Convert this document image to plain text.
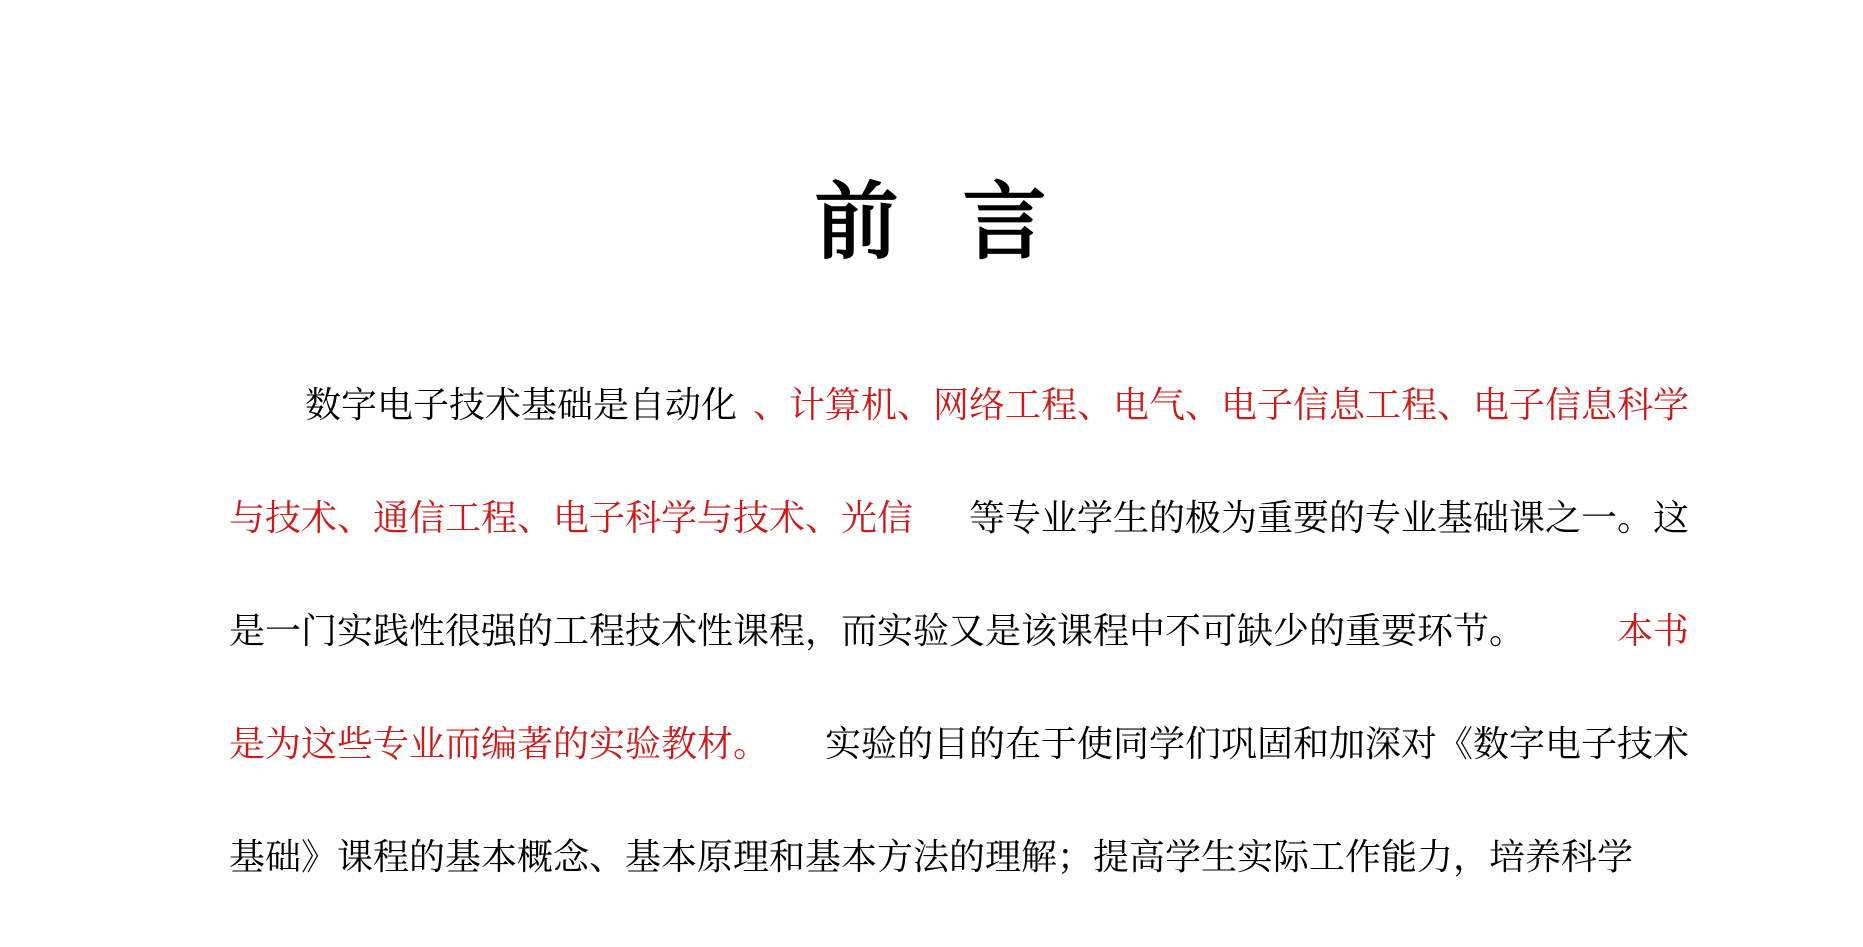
前 言
数字电子技术基础是自动化 、计算机、网络工程、电气、电子信息工程、电子信息科学
与技术、通信工程、电子科学与技术、光信 等专业学生的极为重要的专业基础课之一。这
是一门实践性很强的工程技术性课程，而实验又是该课程中不可缺少的重要环节。	本书
是为这些专业而编著的实验教材。 实验的目的在于使同学们巩固和加深对《数字电子技术
基础》课程的基本概念、基本原理和基本方法的理解；提高学生实际工作能力，培养科学
